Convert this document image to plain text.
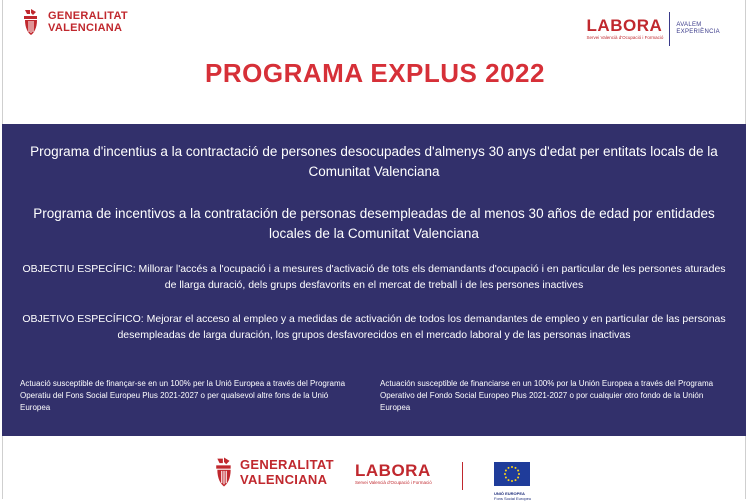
GENERALITAT
VALENCIANA	LABORA
Servei Valencià d'Ocupació i Formació
AVALEM
EXPERIÈNCIA
PROGRAMA EXPLUS 2022
Programa d'incentius a la contractació de persones desocupades d'almenys 30 anys d'edat per entitats locals de la Comunitat Valenciana
Programa de incentivos a la contratación de personas desempleadas de al menos 30 años de edad por entidades locales de la Comunitat Valenciana
OBJECTIU ESPECÍFIC: Millorar l'accés a l'ocupació i a mesures d'activació de tots els demandants d'ocupació i en particular de les persones aturades de llarga duració, dels grups desfavorits en el mercat de treball i de les persones inactives
OBJETIVO ESPECÍFICO: Mejorar el acceso al empleo y a medidas de activación de todos los demandantes de empleo y en particular de las personas desempleadas de larga duración, los grupos desfavorecidos en el mercado laboral y de las personas inactivas
Actuació susceptible de finançar-se en un 100% per la Unió Europea a través del Programa Operatiu del Fons Social Europeu Plus 2021-2027 o per qualsevol altre fons de la Unió Europea
Actuación susceptible de financiarse en un 100% por la Unión Europea a través del Programa Operativo del Fondo Social Europeo Plus 2021-2027 o por cualquier otro fondo de la Unión Europea
GENERALITAT
VALENCIANA	LABORA
Servei Valencià d'Ocupació i Formació
UNIÓ EUROPEA
Fons Social Europeu
